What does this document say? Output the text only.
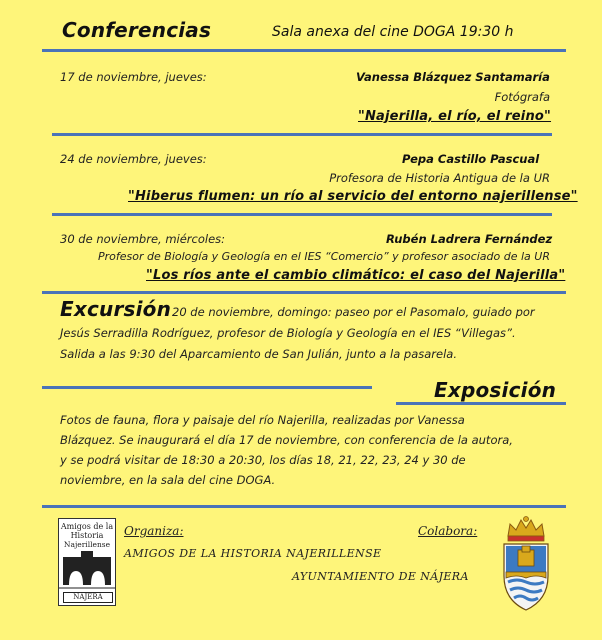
Conferencias	Sala anexa del cine DOGA 19:30 h
17 de noviembre, jueves:	Vanessa Blázquez Santamaría
Fotógrafa
"Najerilla, el río, el reino"
24 de noviembre, jueves:	Pepa Castillo Pascual
Profesora de Historia Antigua de la UR
"Hiberus flumen: un río al servicio del entorno najerillense"
30 de noviembre, miércoles:	Rubén Ladrera Fernández
Profesor de Biología y Geología en el IES “Comercio” y profesor asociado de la UR
"Los ríos ante el cambio climático: el caso del Najerilla"
Excursión 20 de noviembre, domingo: paseo por el Pasomalo, guiado por
Jesús Serradilla Rodríguez, profesor de Biología y Geología en el IES “Villegas”.
Salida a las 9:30 del Aparcamiento de San Julián, junto a la pasarela.
Exposición
Fotos de fauna, flora y paisaje del río Najerilla, realizadas por Vanessa
Blázquez. Se inaugurará el día 17 de noviembre, con conferencia de la autora,
y se podrá visitar de 18:30 a 20:30, los días 18, 21, 22, 23, 24 y 30 de
noviembre, en la sala del cine DOGA.
Amigos de la
Historia
Najerillense
NAJERA
Organiza:
AMIGOS DE LA HISTORIA NAJERILLENSE
Colabora:
AYUNTAMIENTO DE NÁJERA
